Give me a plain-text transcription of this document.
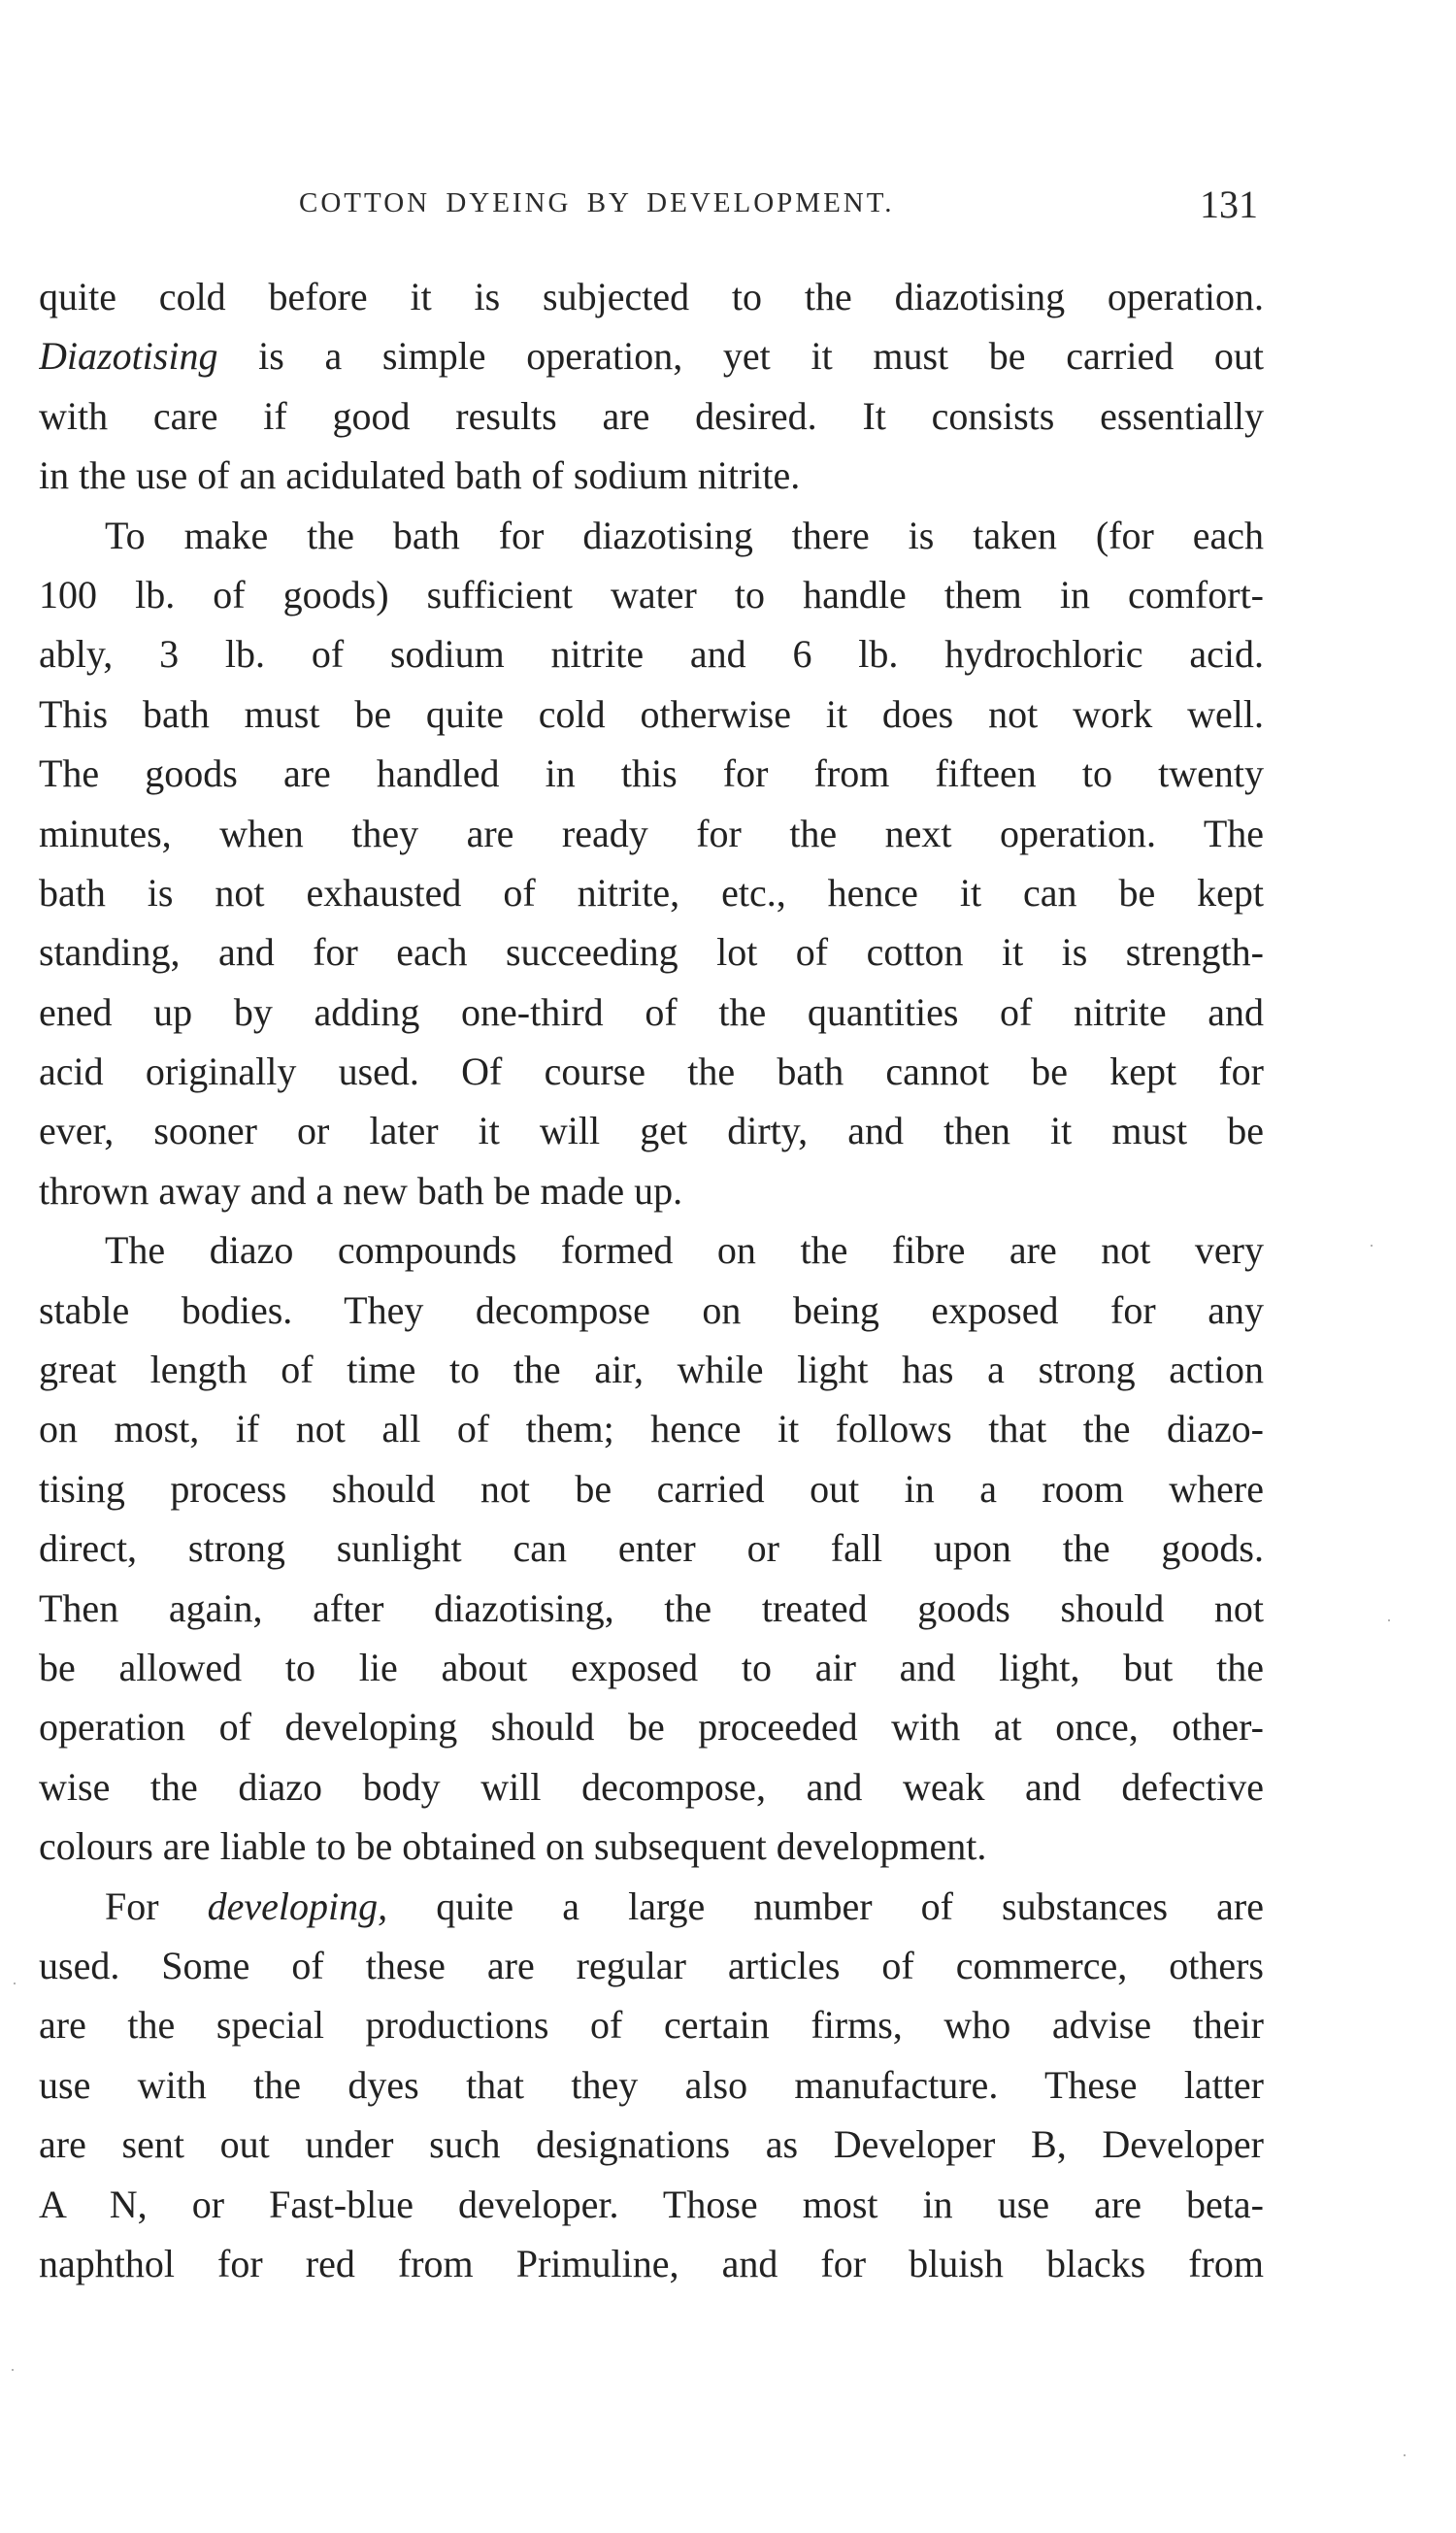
COTTON DYEING BY DEVELOPMENT.	131
quite cold before it is subjected to the diazotising operation.
Diazotising is a simple operation, yet it must be carried out
with care if good results are desired. It consists essentially
in the use of an acidulated bath of sodium nitrite.
To make the bath for diazotising there is taken (for each
100 lb. of goods) sufficient water to handle them in comfort-
ably, 3 lb. of sodium nitrite and 6 lb. hydrochloric acid.
This bath must be quite cold otherwise it does not work well.
The goods are handled in this for from fifteen to twenty
minutes, when they are ready for the next operation. The
bath is not exhausted of nitrite, etc., hence it can be kept
standing, and for each succeeding lot of cotton it is strength-
ened up by adding one-third of the quantities of nitrite and
acid originally used. Of course the bath cannot be kept for
ever, sooner or later it will get dirty, and then it must be
thrown away and a new bath be made up.
The diazo compounds formed on the fibre are not very
stable bodies. They decompose on being exposed for any
great length of time to the air, while light has a strong action
on most, if not all of them; hence it follows that the diazo-
tising process should not be carried out in a room where
direct, strong sunlight can enter or fall upon the goods.
Then again, after diazotising, the treated goods should not
be allowed to lie about exposed to air and light, but the
operation of developing should be proceeded with at once, other-
wise the diazo body will decompose, and weak and defective
colours are liable to be obtained on subsequent development.
For developing, quite a large number of substances are
used. Some of these are regular articles of commerce, others
are the special productions of certain firms, who advise their
use with the dyes that they also manufacture. These latter
are sent out under such designations as Developer B, Developer
A N, or Fast-blue developer. Those most in use are beta-
naphthol for red from Primuline, and for bluish blacks from
